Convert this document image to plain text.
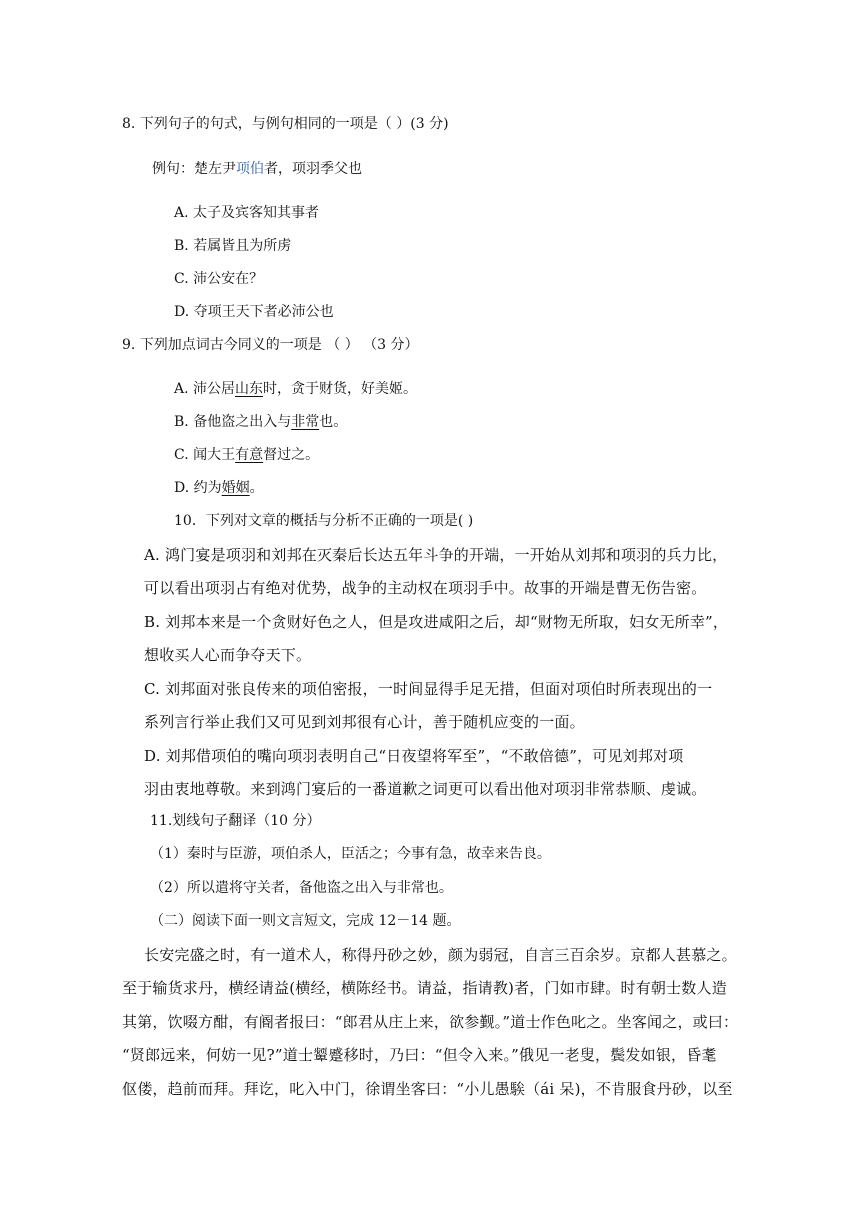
8. 下列句子的句式，与例句相同的一项是（ ）(3 分)
例句：楚左尹项伯者，项羽季父也
A. 太子及宾客知其事者
B. 若属皆且为所虏
C. 沛公安在？
D. 夺项王天下者必沛公也
9. 下列加点词古今同义的一项是 （ ） （3 分）
A. 沛公居山东时，贪于财货，好美姬。
B. 备他盗之出入与非常也。
C. 闻大王有意督过之。
D. 约为婚姻。
10．下列对文章的概括与分析不正确的一项是( )
A. 鸿门宴是项羽和刘邦在灭秦后长达五年斗争的开端，一开始从刘邦和项羽的兵力比，
可以看出项羽占有绝对优势，战争的主动权在项羽手中。故事的开端是曹无伤告密。
B. 刘邦本来是一个贪财好色之人，但是攻进咸阳之后，却“财物无所取，妇女无所幸”，
想收买人心而争夺天下。
C. 刘邦面对张良传来的项伯密报，一时间显得手足无措，但面对项伯时所表现出的一
系列言行举止我们又可见到刘邦很有心计，善于随机应变的一面。
D. 刘邦借项伯的嘴向项羽表明自己“日夜望将军至”，“不敢倍德”，可见刘邦对项
羽由衷地尊敬。来到鸿门宴后的一番道歉之词更可以看出他对项羽非常恭顺、虔诚。
11.划线句子翻译（10 分）
（1）秦时与臣游，项伯杀人，臣活之；今事有急，故幸来告良。
（2）所以遣将守关者，备他盗之出入与非常也。
（二）阅读下面一则文言短文，完成 12－14 题。
长安完盛之时，有一道术人，称得丹砂之妙，颜为弱冠，自言三百余岁。京都人甚慕之。
至于输货求丹，横经请益(横经，横陈经书。请益，指请教)者，门如市肆。时有朝士数人造
其第，饮啜方酣，有阍者报曰：“郎君从庄上来，欲参觐。”道士作色叱之。坐客闻之，或曰：
“贤郎远来，何妨一见?”道士颦蹙移时，乃曰：“但令入来。”俄见一老叟，鬓发如银，昏耄
伛偻，趋前而拜。拜讫，叱入中门，徐谓坐客曰：“小儿愚騃（ái 呆)，不肯服食丹砂，以至
